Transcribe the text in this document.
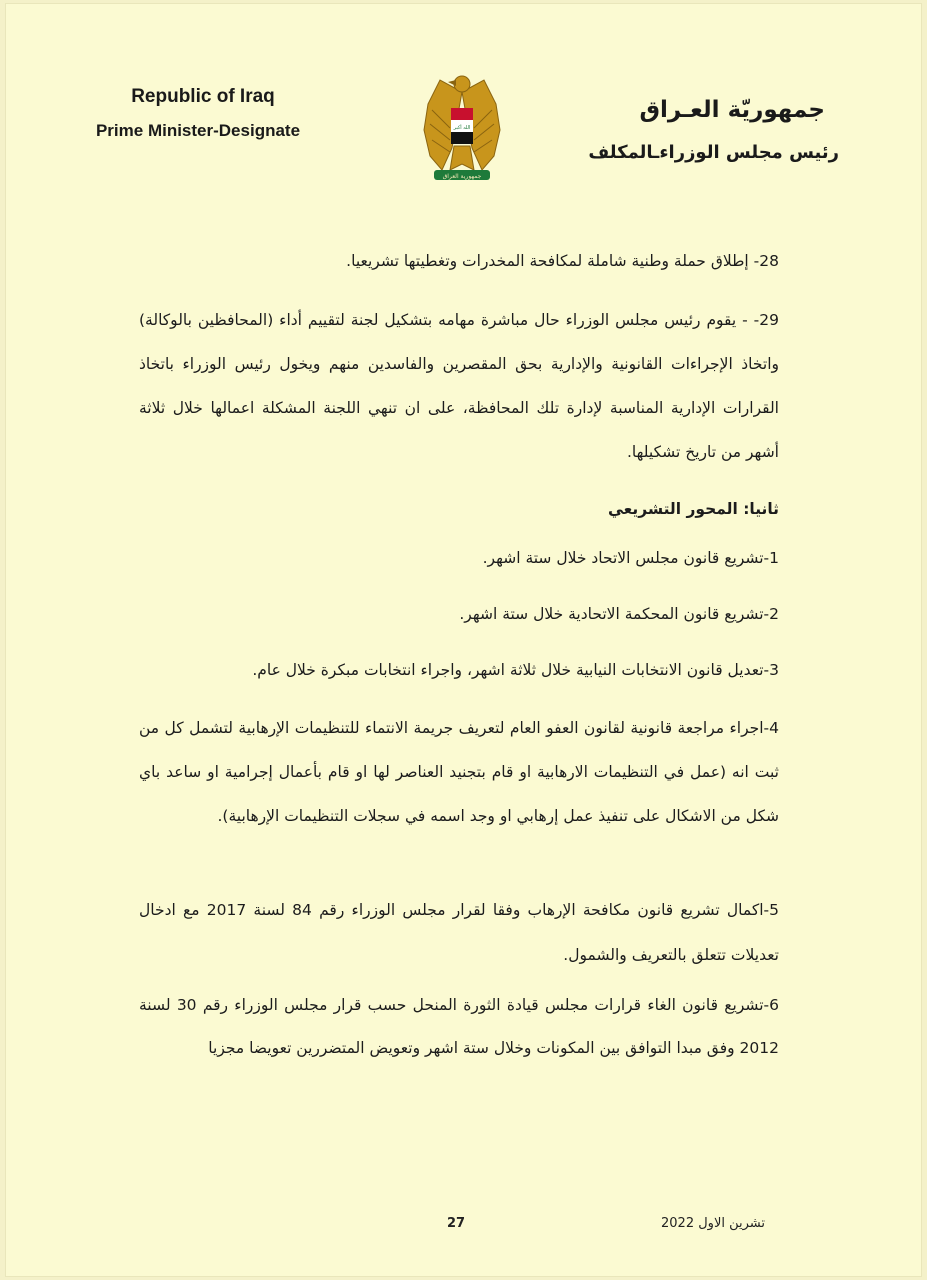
Republic of Iraq
Prime Minister-Designate	الله أكبر
جمهورية العراق
جمهوريّة العـراق
رئيس مجلس الوزراءـالمكلف

28- إطلاق حملة وطنية شاملة لمكافحة المخدرات وتغطيتها تشريعيا.

29- - يقوم رئيس مجلس الوزراء حال مباشرة مهامه بتشكيل لجنة لتقييم أداء (المحافظين بالوكالة) واتخاذ الإجراءات القانونية والإدارية بحق المقصرين والفاسدين منهم ويخول رئيس الوزراء باتخاذ القرارات الإدارية المناسبة لإدارة تلك المحافظة، على ان تنهي اللجنة المشكلة اعمالها خلال ثلاثة أشهر من تاريخ تشكيلها.

ثانيا: المحور التشريعي

1-تشريع قانون مجلس الاتحاد خلال ستة اشهر.

2-تشريع قانون المحكمة الاتحادية خلال ستة اشهر.

3-تعديل قانون الانتخابات النيابية خلال ثلاثة اشهر، واجراء انتخابات مبكرة خلال عام.

4-اجراء مراجعة قانونية لقانون العفو العام لتعريف جريمة الانتماء للتنظيمات الإرهابية لتشمل كل من ثبت انه (عمل في التنظيمات الارهابية او قام بتجنيد العناصر لها او قام بأعمال إجرامية او ساعد باي شكل من الاشكال على تنفيذ عمل إرهابي او وجد اسمه في سجلات التنظيمات الإرهابية).

5-اكمال تشريع قانون مكافحة الإرهاب وفقا لقرار مجلس الوزراء رقم 84 لسنة 2017 مع ادخال تعديلات تتعلق بالتعريف والشمول.

6-تشريع قانون الغاء قرارات مجلس قيادة الثورة المنحل حسب قرار مجلس الوزراء رقم 30 لسنة 2012 وفق مبدا التوافق بين المكونات وخلال ستة اشهر وتعويض المتضررين تعويضا مجزيا

27	تشرين الاول 2022
